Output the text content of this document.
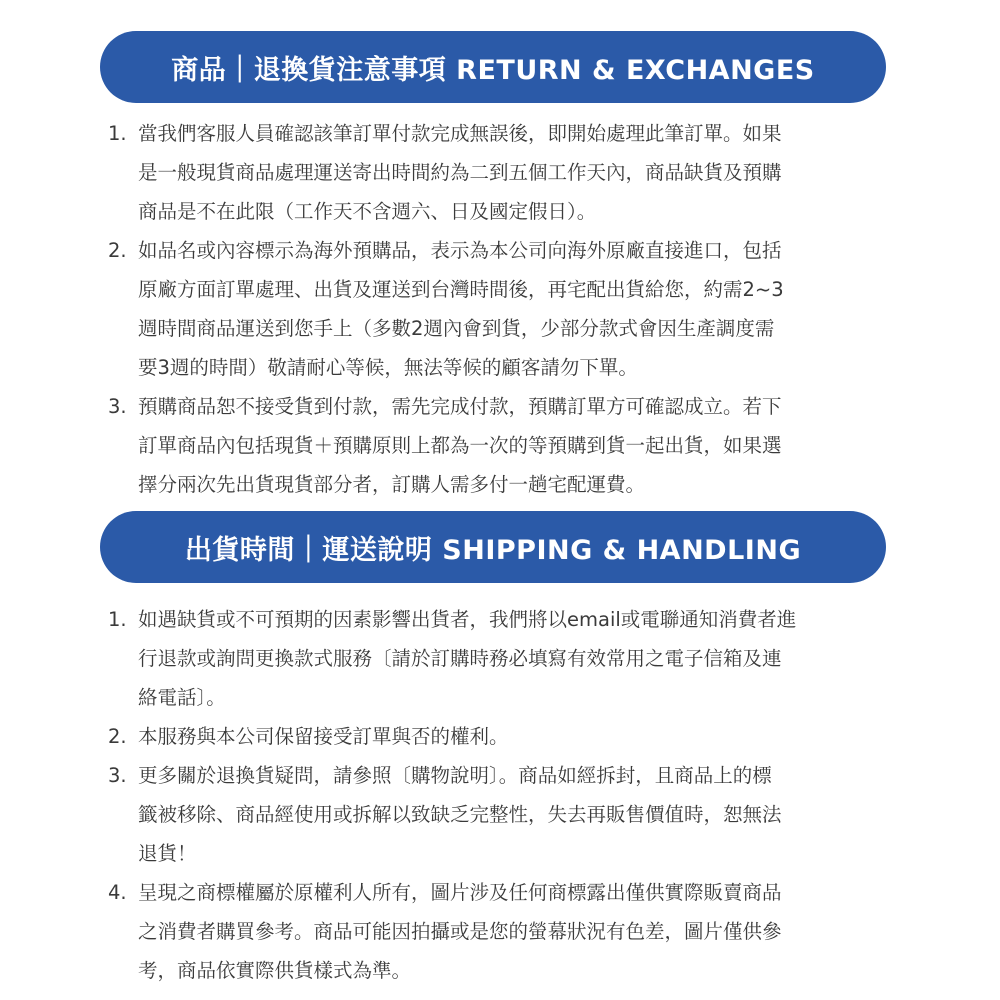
商品｜退換貨注意事項 RETURN & EXCHANGES
1. 當我們客服人員確認該筆訂單付款完成無誤後，即開始處理此筆訂單。如果
是一般現貨商品處理運送寄出時間約為二到五個工作天內，商品缺貨及預購
商品是不在此限（工作天不含週六、日及國定假日）。
2. 如品名或內容標示為海外預購品，表示為本公司向海外原廠直接進口，包括
原廠方面訂單處理、出貨及運送到台灣時間後，再宅配出貨給您，約需2~3
週時間商品運送到您手上（多數2週內會到貨，少部分款式會因生產調度需
要3週的時間）敬請耐心等候，無法等候的顧客請勿下單。
3. 預購商品恕不接受貨到付款，需先完成付款，預購訂單方可確認成立。若下
訂單商品內包括現貨＋預購原則上都為一次的等預購到貨一起出貨，如果選
擇分兩次先出貨現貨部分者，訂購人需多付一趟宅配運費。
出貨時間｜運送說明 SHIPPING & HANDLING
1. 如遇缺貨或不可預期的因素影響出貨者，我們將以email或電聯通知消費者進
行退款或詢問更換款式服務〔請於訂購時務必填寫有效常用之電子信箱及連
絡電話〕。
2. 本服務與本公司保留接受訂單與否的權利。
3. 更多關於退換貨疑問，請參照〔購物說明〕。商品如經拆封，且商品上的標
籤被移除、商品經使用或拆解以致缺乏完整性，失去再販售價值時，恕無法
退貨！
4. 呈現之商標權屬於原權利人所有，圖片涉及任何商標露出僅供實際販賣商品
之消費者購買參考。商品可能因拍攝或是您的螢幕狀況有色差，圖片僅供參
考，商品依實際供貨樣式為準。
